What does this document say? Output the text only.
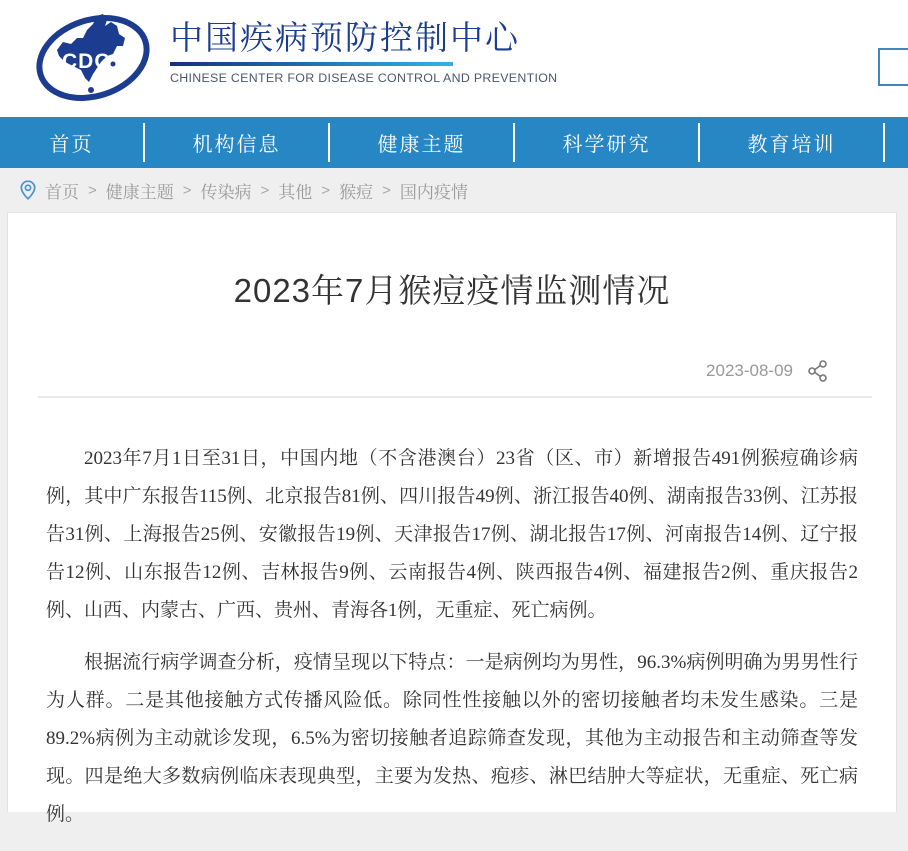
CDC
中国疾病预防控制中心
CHINESE CENTER FOR DISEASE CONTROL AND PREVENTION
首页	机构信息	健康主题	科学研究	教育培训
首页 > 健康主题 > 传染病 > 其他 > 猴痘 > 国内疫情
2023年7月猴痘疫情监测情况
2023-08-09

2023年7月1日至31日，中国内地（不含港澳台）23省（区、市）新增报告491例猴痘确诊病例，其中广东报告115例、北京报告81例、四川报告49例、浙江报告40例、湖南报告33例、江苏报告31例、上海报告25例、安徽报告19例、天津报告17例、湖北报告17例、河南报告14例、辽宁报告12例、山东报告12例、吉林报告9例、云南报告4例、陕西报告4例、福建报告2例、重庆报告2例、山西、内蒙古、广西、贵州、青海各1例，无重症、死亡病例。

根据流行病学调查分析，疫情呈现以下特点：一是病例均为男性，96.3%病例明确为男男性行为人群。二是其他接触方式传播风险低。除同性性接触以外的密切接触者均未发生感染。三是89.2%病例为主动就诊发现，6.5%为密切接触者追踪筛查发现，其他为主动报告和主动筛查等发现。四是绝大多数病例临床表现典型，主要为发热、疱疹、淋巴结肿大等症状，无重症、死亡病例。
